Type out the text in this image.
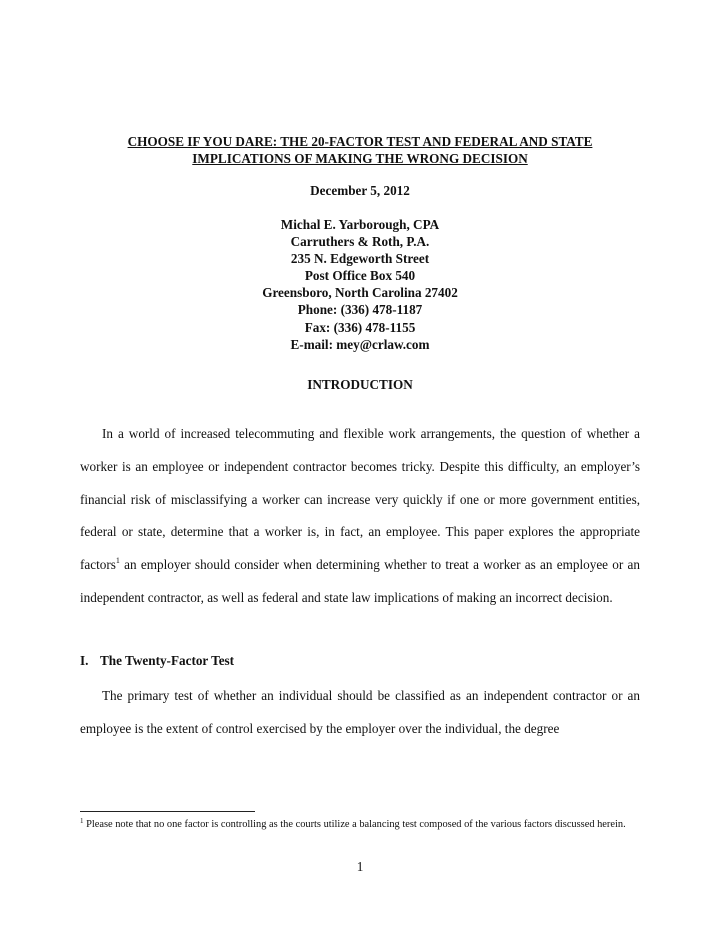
CHOOSE IF YOU DARE: THE 20-FACTOR TEST AND FEDERAL AND STATE
IMPLICATIONS OF MAKING THE WRONG DECISION

December 5, 2012

Michal E. Yarborough, CPA
Carruthers & Roth, P.A.
235 N. Edgeworth Street
Post Office Box 540
Greensboro, North Carolina 27402
Phone: (336) 478-1187
Fax: (336) 478-1155
E-mail: mey@crlaw.com
INTRODUCTION

In a world of increased telecommuting and flexible work arrangements, the question of whether a worker is an employee or independent contractor becomes tricky. Despite this difficulty, an employer’s financial risk of misclassifying a worker can increase very quickly if one or more government entities, federal or state, determine that a worker is, in fact, an employee. This paper explores the appropriate factors$^1$ an employer should consider when determining whether to treat a worker as an employee or an independent contractor, as well as federal and state law implications of making an incorrect decision.

I. The Twenty-Factor Test

The primary test of whether an individual should be classified as an independent contractor or an employee is the extent of control exercised by the employer over the individual, the degree

$^1$ Please note that no one factor is controlling as the courts utilize a balancing test composed of the various factors discussed herein.

1
